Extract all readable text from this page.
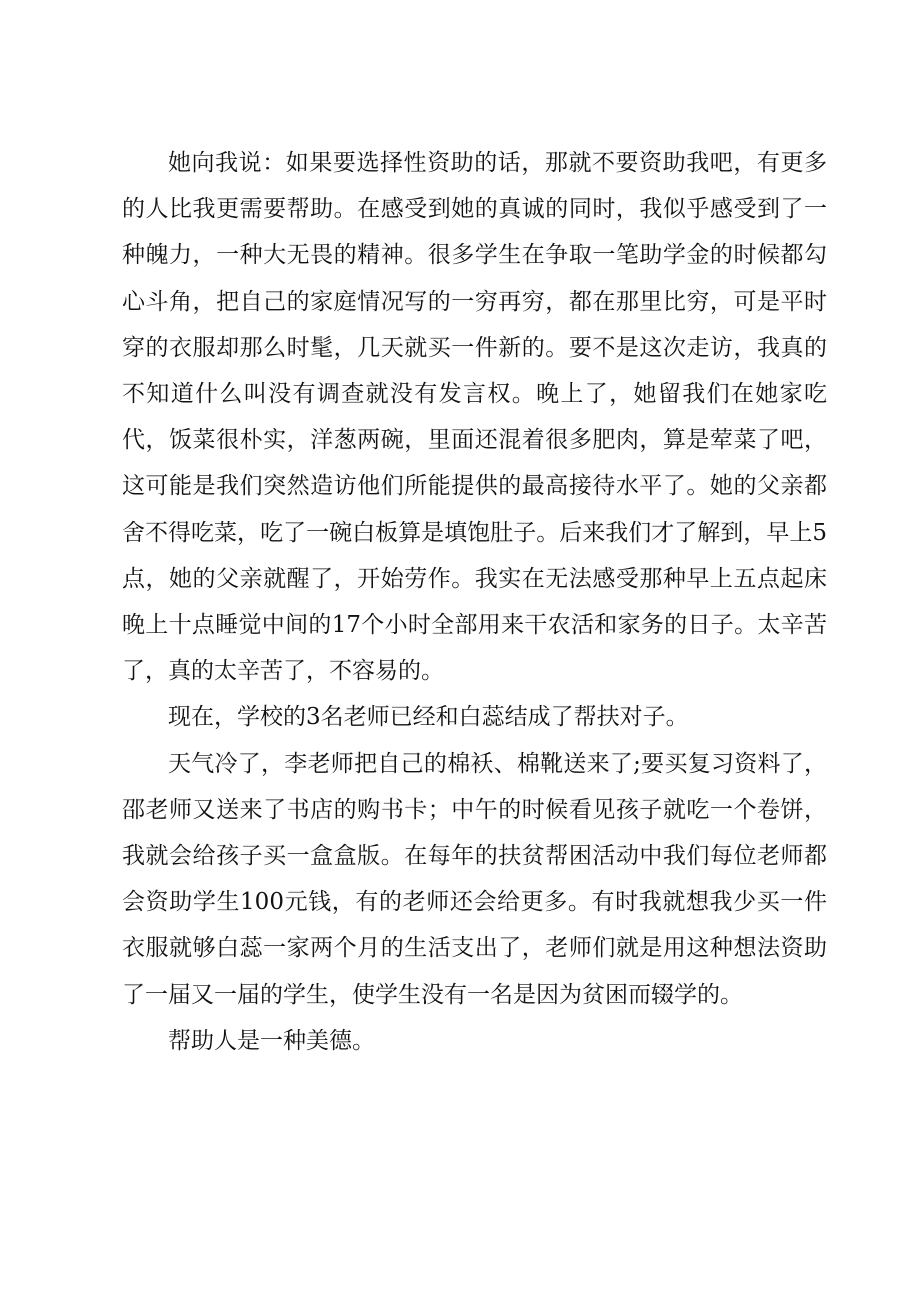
她向我说：如果要选择性资助的话，那就不要资助我吧，有更多的人比我更需要帮助。在感受到她的真诚的同时，我似乎感受到了一种魄力，一种大无畏的精神。很多学生在争取一笔助学金的时候都勾心斗角，把自己的家庭情况写的一穷再穷，都在那里比穷，可是平时穿的衣服却那么时髦，几天就买一件新的。要不是这次走访，我真的不知道什么叫没有调查就没有发言权。晚上了，她留我们在她家吃代，饭菜很朴实，洋葱两碗，里面还混着很多肥肉，算是荤菜了吧，这可能是我们突然造访他们所能提供的最高接待水平了。她的父亲都舍不得吃菜，吃了一碗白板算是填饱肚子。后来我们才了解到，早上5点，她的父亲就醒了，开始劳作。我实在无法感受那种早上五点起床晚上十点睡觉中间的17个小时全部用来干农活和家务的日子。太辛苦了，真的太辛苦了，不容易的。

现在，学校的3名老师已经和白蕊结成了帮扶对子。

天气冷了，李老师把自己的棉袄、棉靴送来了;要买复习资料了，邵老师又送来了书店的购书卡；中午的时候看见孩子就吃一个卷饼，我就会给孩子买一盒盒版。在每年的扶贫帮困活动中我们每位老师都会资助学生100元钱，有的老师还会给更多。有时我就想我少买一件衣服就够白蕊一家两个月的生活支出了，老师们就是用这种想法资助了一届又一届的学生，使学生没有一名是因为贫困而辍学的。

帮助人是一种美德。
